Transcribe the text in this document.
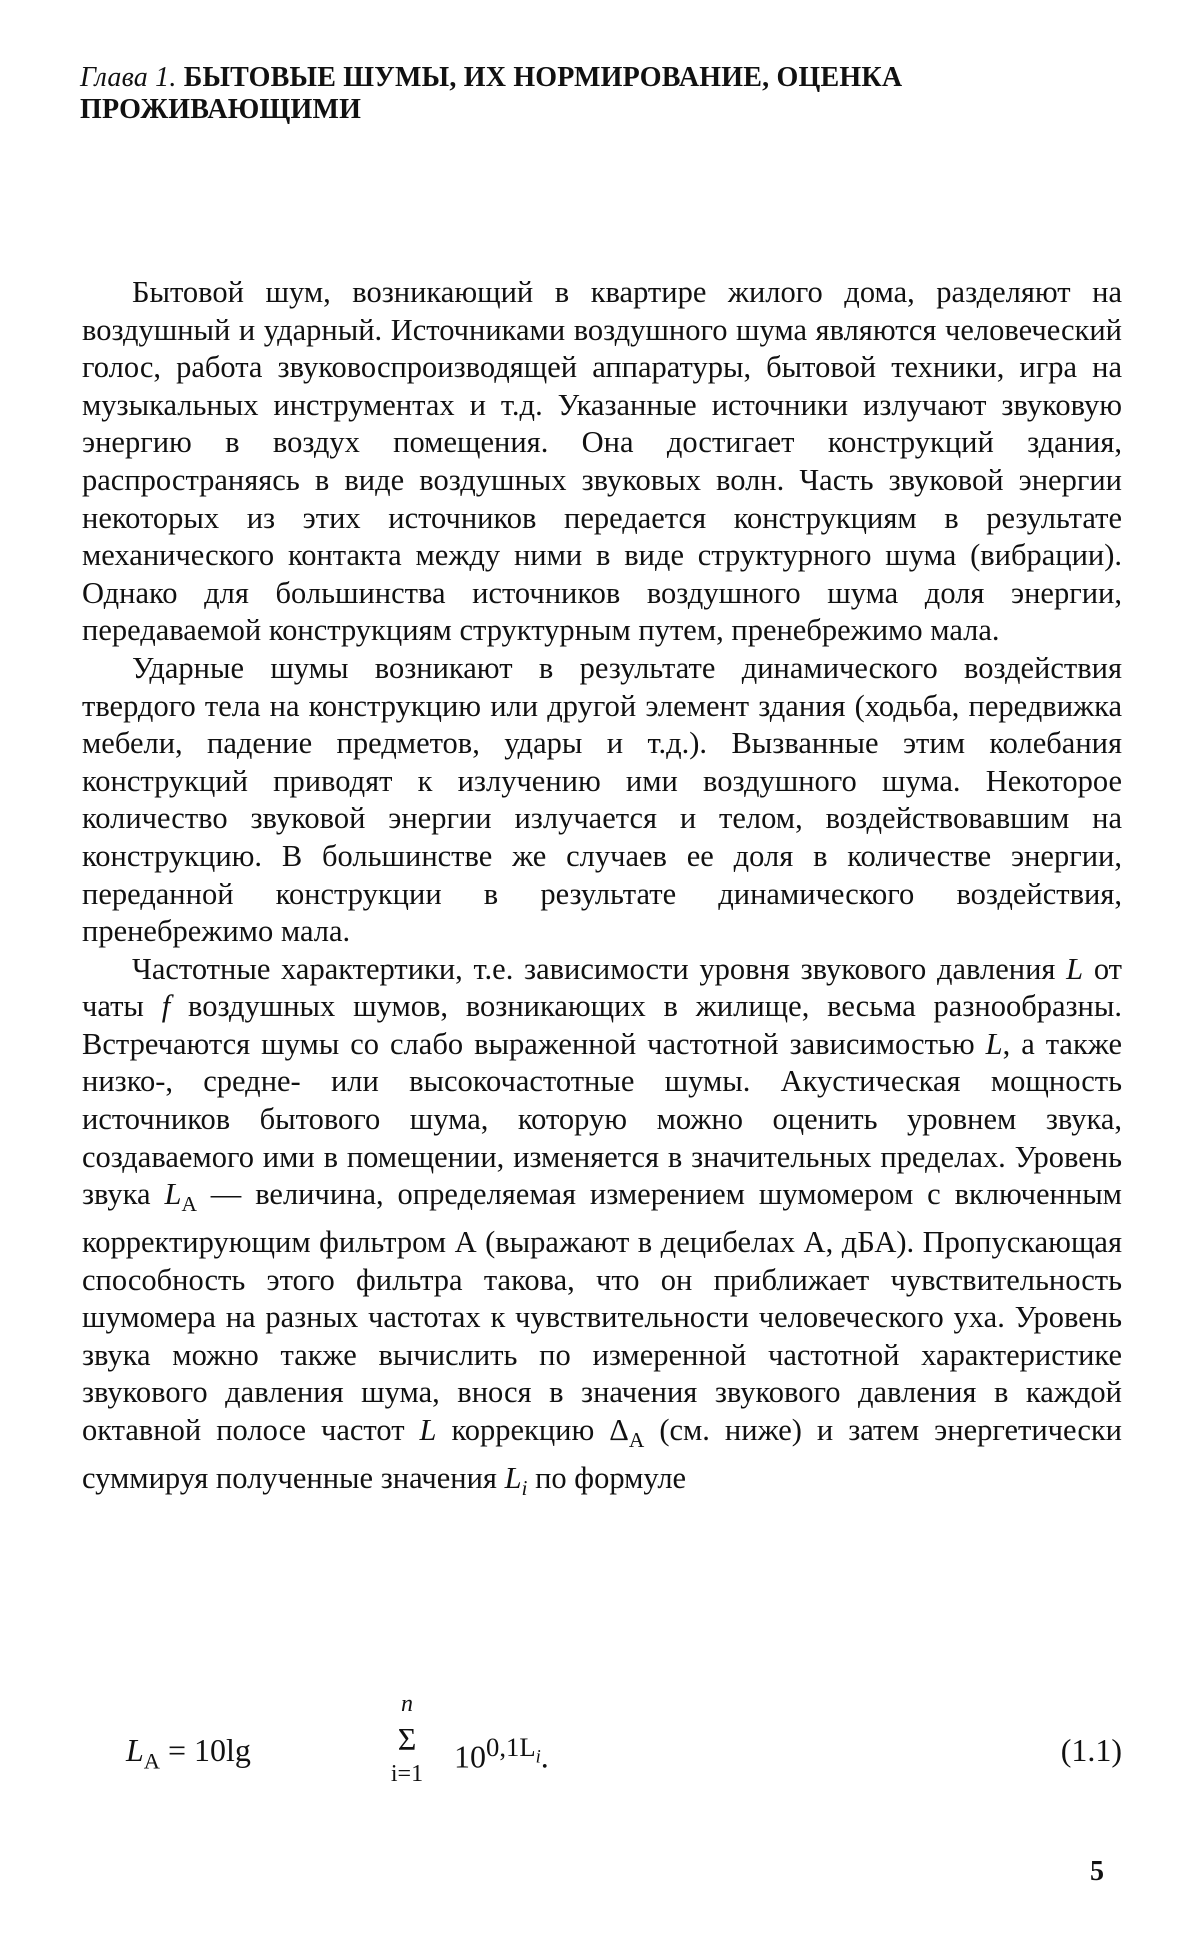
Глава 1. БЫТОВЫЕ ШУМЫ, ИХ НОРМИРОВАНИЕ, ОЦЕНКА ПРОЖИВАЮЩИМИ

Бытовой шум, возникающий в квартире жилого дома, разделяют на воздушный и ударный. Источниками воздушного шума являются человеческий голос, работа звуковоспроизводящей аппаратуры, бытовой техники, игра на музыкальных инструментах и т.д. Указанные источники излучают звуковую энергию в воздух помещения. Она достигает конструкций здания, распространяясь в виде воздушных звуковых волн. Часть звуковой энергии некоторых из этих источников передается конструкциям в результате механического контакта между ними в виде структурного шума (вибрации). Однако для большинства источников воздушного шума доля энергии, передаваемой конструкциям структурным путем, пренебрежимо мала.

Ударные шумы возникают в результате динамического воздействия твердого тела на конструкцию или другой элемент здания (ходьба, передвижка мебели, падение предметов, удары и т.д.). Вызванные этим колебания конструкций приводят к излучению ими воздушного шума. Некоторое количество звуковой энергии излучается и телом, воздействовавшим на конструкцию. В большинстве же случаев ее доля в количестве энергии, переданной конструкции в результате динамического воздействия, пренебрежимо мала.

Частотные характертики, т.е. зависимости уровня звукового давления L от чаты f воздушных шумов, возникающих в жилище, весьма разнообразны. Встречаются шумы со слабо выраженной частотной зависимостью L, а также низко-, средне- или высокочастотные шумы. Акустическая мощность источников бытового шума, которую можно оценить уровнем звука, создаваемого ими в помещении, изменяется в значительных пределах. Уровень звука $L_A$ — величина, определяемая измерением шумомером с включенным корректирующим фильтром А (выражают в децибелах А, дБА). Пропускающая способность этого фильтра такова, что он приближает чувствительность шумомера на разных частотах к чувствительности человеческого уха. Уровень звука можно также вычислить по измеренной частотной характеристике звукового давления шума, внося в значения звукового давления в каждой октавной полосе частот L коррекцию $\Delta_A$ (см. ниже) и затем энергетически суммируя полученные значения $L_i$ по формуле

$L_A = 10\lg$
n
Σ
i=1 $10^{0,1L_i}$.	(1.1)
5
